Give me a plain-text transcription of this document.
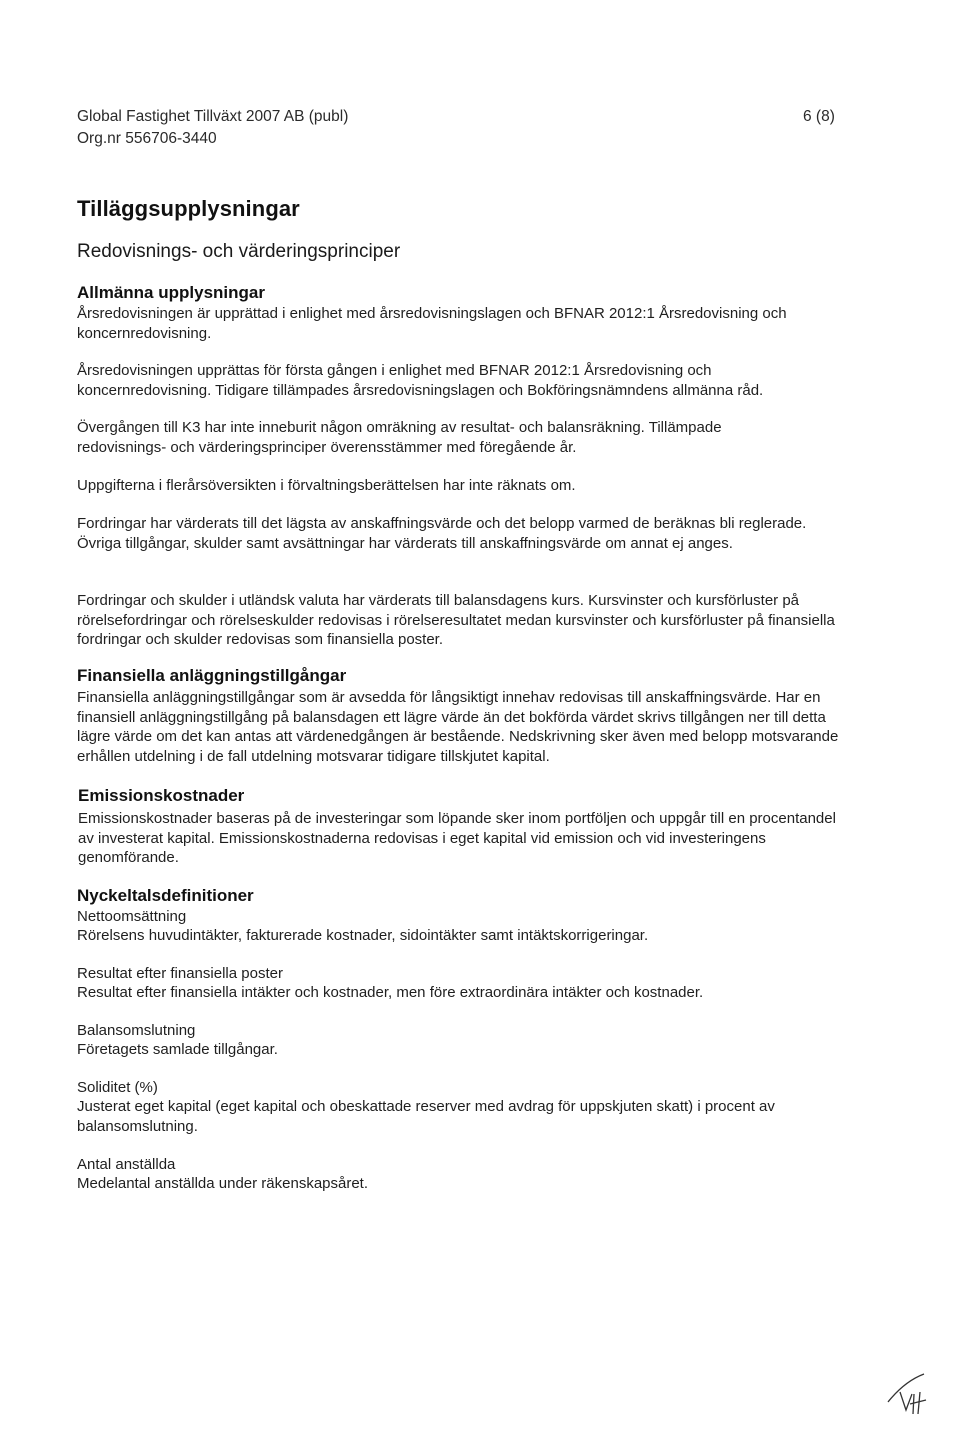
Global Fastighet Tillväxt 2007 AB (publ)	6 (8)
Org.nr 556706-3440
Tilläggsupplysningar
Redovisnings- och värderingsprinciper
Allmänna upplysningar
Årsredovisningen är upprättad i enlighet med årsredovisningslagen och BFNAR 2012:1 Årsredovisning och koncernredovisning.
Årsredovisningen upprättas för första gången i enlighet med BFNAR 2012:1 Årsredovisning och koncernredovisning. Tidigare tillämpades årsredovisningslagen och Bokföringsnämndens allmänna råd.
Övergången till K3 har inte inneburit någon omräkning av resultat- och balansräkning. Tillämpade redovisnings- och värderingsprinciper överensstämmer med föregående år.
Uppgifterna i flerårsöversikten i förvaltningsberättelsen har inte räknats om.
Fordringar har värderats till det lägsta av anskaffningsvärde och det belopp varmed de beräknas bli reglerade. Övriga tillgångar, skulder samt avsättningar har värderats till anskaffningsvärde om annat ej anges.
Fordringar och skulder i utländsk valuta har värderats till balansdagens kurs. Kursvinster och kursförluster på rörelsefordringar och rörelseskulder redovisas i rörelseresultatet medan kursvinster och kursförluster på finansiella fordringar och skulder redovisas som finansiella poster.
Finansiella anläggningstillgångar
Finansiella anläggningstillgångar som är avsedda för långsiktigt innehav redovisas till anskaffningsvärde. Har en finansiell anläggningstillgång på balansdagen ett lägre värde än det bokförda värdet skrivs tillgången ner till detta lägre värde om det kan antas att värdenedgången är bestående. Nedskrivning sker även med belopp motsvarande erhållen utdelning i de fall utdelning motsvarar tidigare tillskjutet kapital.
Emissionskostnader
Emissionskostnader baseras på de investeringar som löpande sker inom portföljen och uppgår till en procentandel av investerat kapital. Emissionskostnaderna redovisas i eget kapital vid emission och vid investeringens genomförande.
Nyckeltalsdefinitioner
Nettoomsättning
Rörelsens huvudintäkter, fakturerade kostnader, sidointäkter samt intäktskorrigeringar.
Resultat efter finansiella poster
Resultat efter finansiella intäkter och kostnader, men före extraordinära intäkter och kostnader.
Balansomslutning
Företagets samlade tillgångar.
Soliditet (%)
Justerat eget kapital (eget kapital och obeskattade reserver med avdrag för uppskjuten skatt) i procent av balansomslutning.
Antal anställda
Medelantal anställda under räkenskapsåret.
